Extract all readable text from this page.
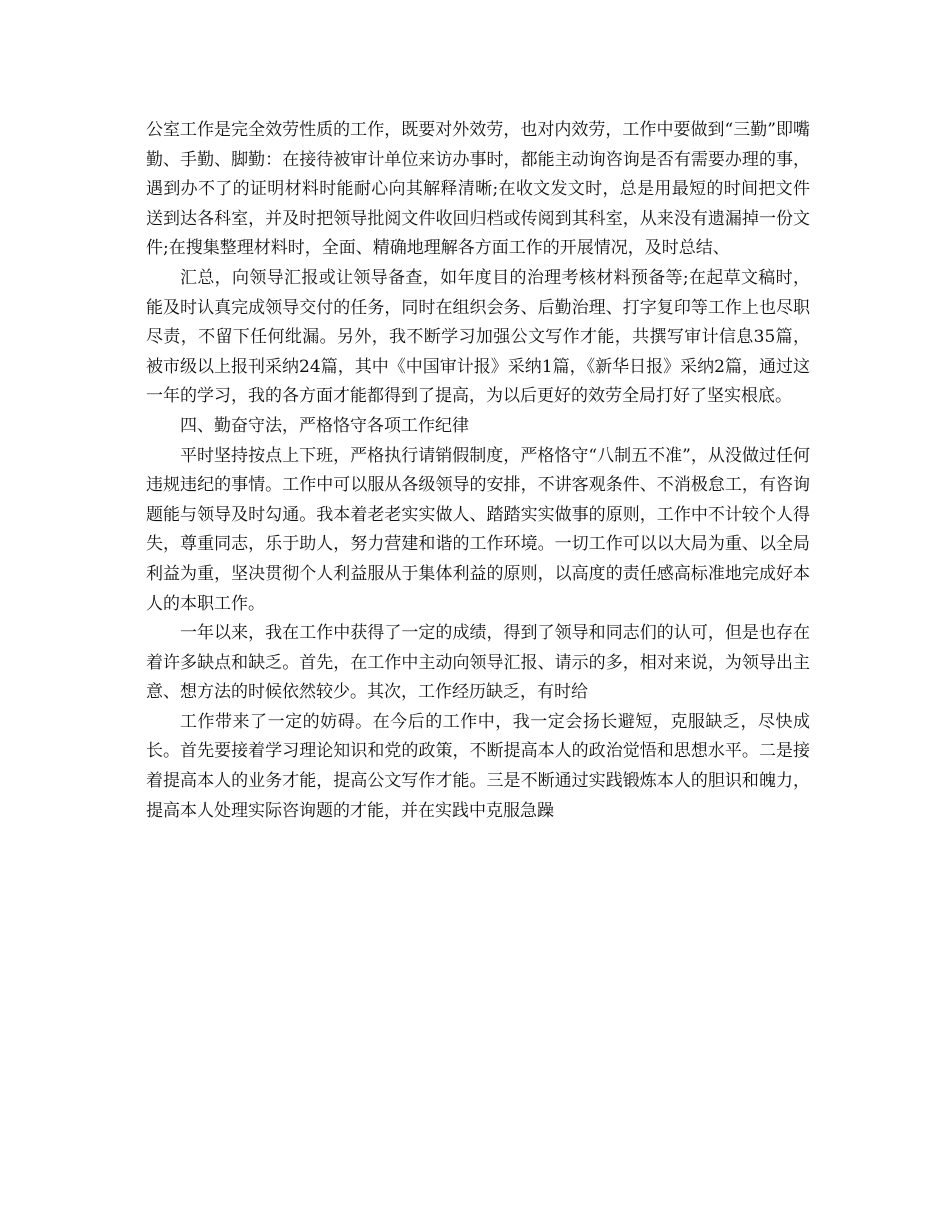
公室工作是完全效劳性质的工作，既要对外效劳，也对内效劳，工作中要做到“三勤”即嘴勤、手勤、脚勤：在接待被审计单位来访办事时，都能主动询咨询是否有需要办理的事，遇到办不了的证明材料时能耐心向其解释清晰;在收文发文时，总是用最短的时间把文件送到达各科室，并及时把领导批阅文件收回归档或传阅到其科室，从来没有遗漏掉一份文件;在搜集整理材料时，全面、精确地理解各方面工作的开展情况，及时总结、

汇总，向领导汇报或让领导备查，如年度目的治理考核材料预备等;在起草文稿时，能及时认真完成领导交付的任务，同时在组织会务、后勤治理、打字复印等工作上也尽职尽责，不留下任何纰漏。另外，我不断学习加强公文写作才能，共撰写审计信息35篇，被市级以上报刊采纳24篇，其中《中国审计报》采纳1篇，《新华日报》采纳2篇，通过这一年的学习，我的各方面才能都得到了提高，为以后更好的效劳全局打好了坚实根底。

四、勤奋守法，严格恪守各项工作纪律

平时坚持按点上下班，严格执行请销假制度，严格恪守“八制五不准”，从没做过任何违规违纪的事情。工作中可以服从各级领导的安排，不讲客观条件、不消极怠工，有咨询题能与领导及时勾通。我本着老老实实做人、踏踏实实做事的原则，工作中不计较个人得失，尊重同志，乐于助人，努力营建和谐的工作环境。一切工作可以以大局为重、以全局利益为重，坚决贯彻个人利益服从于集体利益的原则，以高度的责任感高标准地完成好本人的本职工作。

一年以来，我在工作中获得了一定的成绩，得到了领导和同志们的认可，但是也存在着许多缺点和缺乏。首先，在工作中主动向领导汇报、请示的多，相对来说，为领导出主意、想方法的时候依然较少。其次，工作经历缺乏，有时给

工作带来了一定的妨碍。在今后的工作中，我一定会扬长避短，克服缺乏，尽快成长。首先要接着学习理论知识和党的政策，不断提高本人的政治觉悟和思想水平。二是接着提高本人的业务才能，提高公文写作才能。三是不断通过实践锻炼本人的胆识和魄力，提高本人处理实际咨询题的才能，并在实践中克服急躁
